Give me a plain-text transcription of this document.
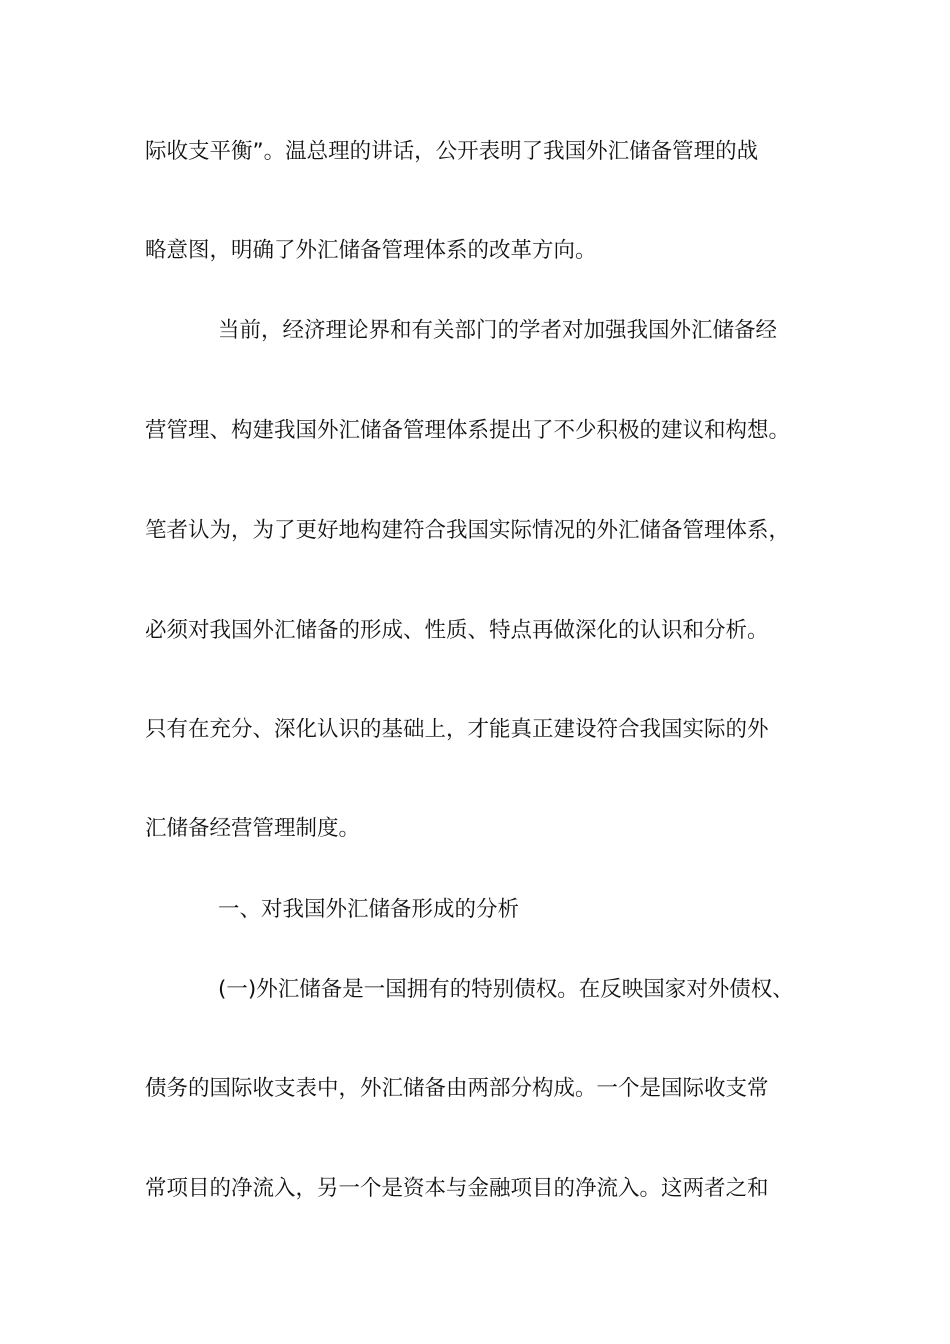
际收支平衡”。温总理的讲话，公开表明了我国外汇储备管理的战

略意图，明确了外汇储备管理体系的改革方向。

当前，经济理论界和有关部门的学者对加强我国外汇储备经

营管理、构建我国外汇储备管理体系提出了不少积极的建议和构想。

笔者认为，为了更好地构建符合我国实际情况的外汇储备管理体系，

必须对我国外汇储备的形成、性质、特点再做深化的认识和分析。

只有在充分、深化认识的基础上，才能真正建设符合我国实际的外

汇储备经营管理制度。

一、对我国外汇储备形成的分析

(一)外汇储备是一国拥有的特别债权。在反映国家对外债权、

债务的国际收支表中，外汇储备由两部分构成。一个是国际收支常

常项目的净流入，另一个是资本与金融项目的净流入。这两者之和
